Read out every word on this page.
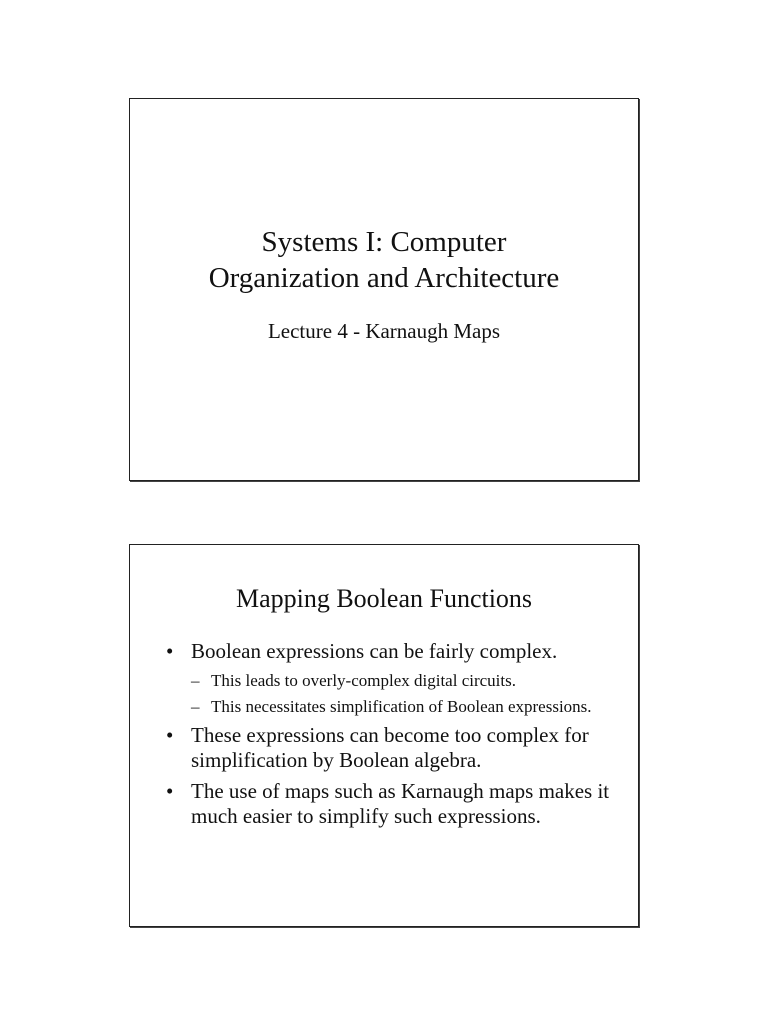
Systems I: Computer
Organization and Architecture
Lecture 4 - Karnaugh Maps
Mapping Boolean Functions
• Boolean expressions can be fairly complex.
– This leads to overly-complex digital circuits.
– This necessitates simplification of Boolean expressions.
• These expressions can become too complex for simplification by Boolean algebra.
• The use of maps such as Karnaugh maps makes it much easier to simplify such expressions.
